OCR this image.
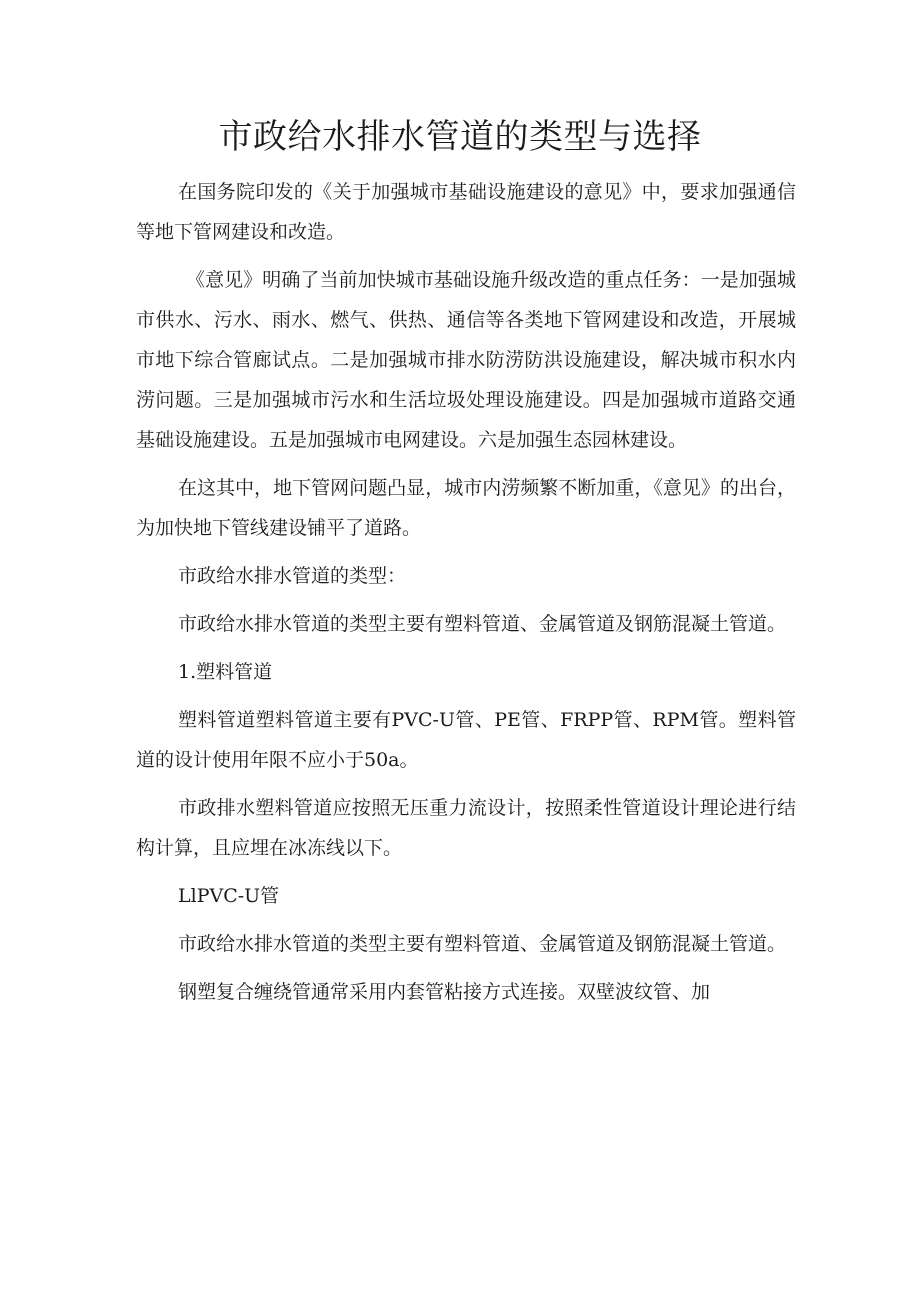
市政给水排水管道的类型与选择

在国务院印发的《关于加强城市基础设施建设的意见》中，要求加强通信等地下管网建设和改造。

《意见》明确了当前加快城市基础设施升级改造的重点任务：一是加强城市供水、污水、雨水、燃气、供热、通信等各类地下管网建设和改造，开展城市地下综合管廊试点。二是加强城市排水防涝防洪设施建设，解决城市积水内涝问题。三是加强城市污水和生活垃圾处理设施建设。四是加强城市道路交通基础设施建设。五是加强城市电网建设。六是加强生态园林建设。

在这其中，地下管网问题凸显，城市内涝频繁不断加重，《意见》的出台，为加快地下管线建设铺平了道路。

市政给水排水管道的类型：

市政给水排水管道的类型主要有塑料管道、金属管道及钢筋混凝土管道。

1.塑料管道

塑料管道塑料管道主要有PVC-U管、PE管、FRPP管、RPM管。塑料管道的设计使用年限不应小于50a。

市政排水塑料管道应按照无压重力流设计，按照柔性管道设计理论进行结构计算，且应埋在冰冻线以下。

LlPVC-U管

市政给水排水管道的类型主要有塑料管道、金属管道及钢筋混凝土管道。

钢塑复合缠绕管通常采用内套管粘接方式连接。双壁波纹管、加
